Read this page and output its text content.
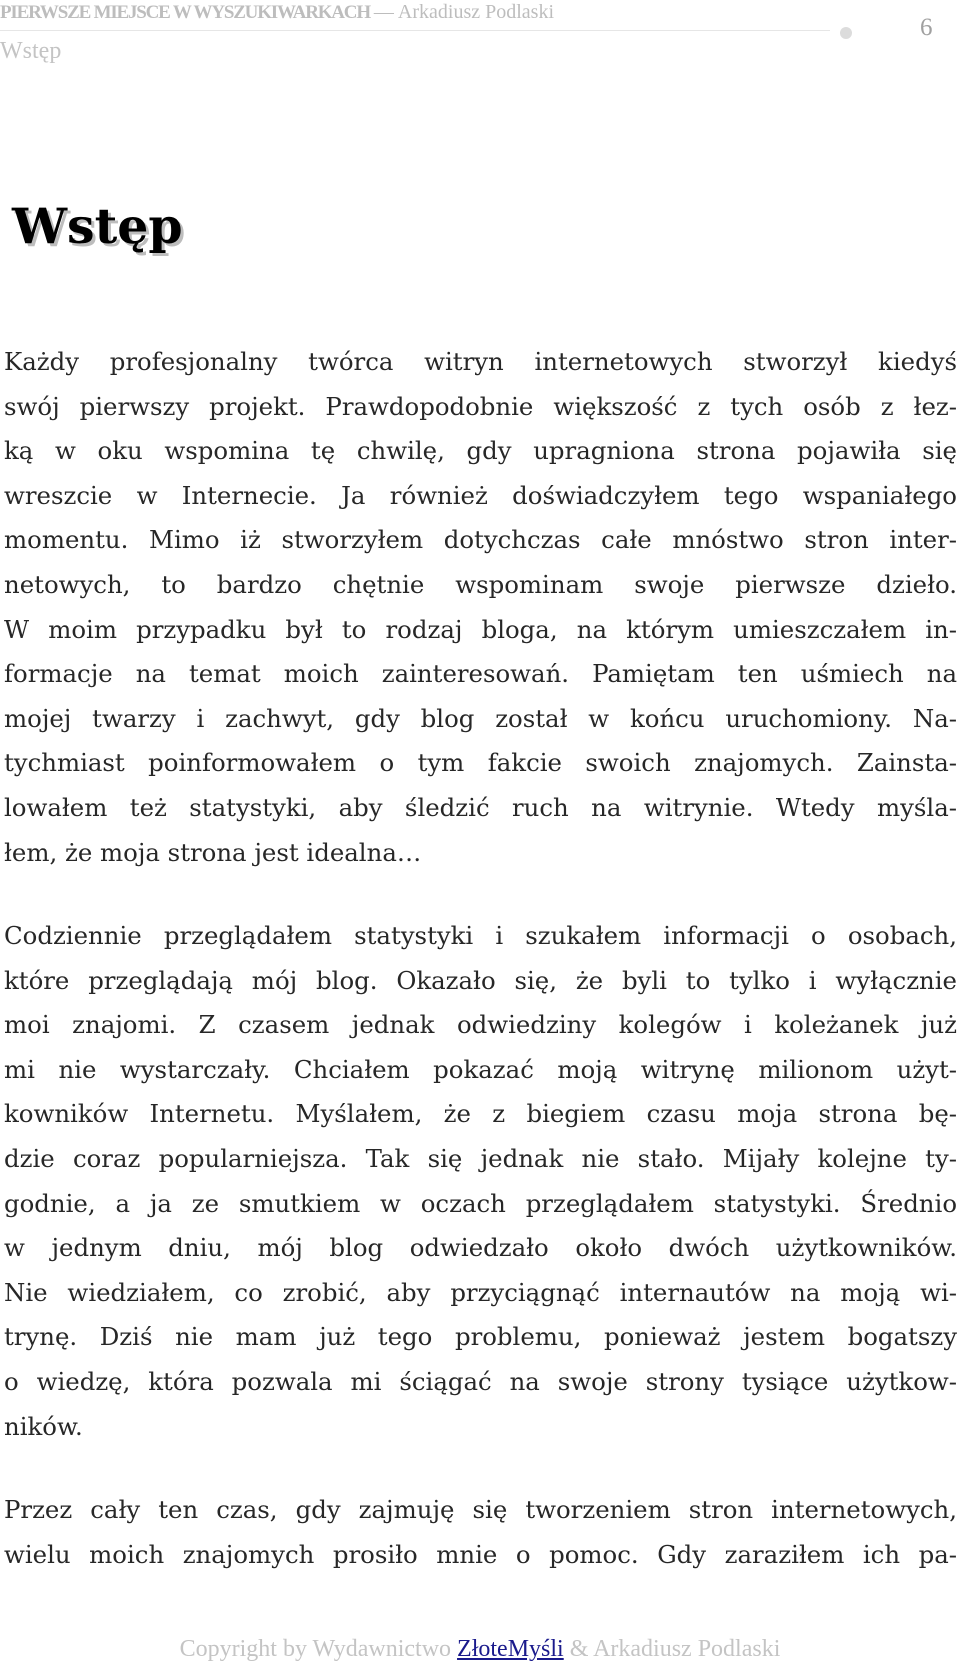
PIERWSZE MIEJSCE W WYSZUKIWARKACH — Arkadiusz Podlaski
6
Wstęp
Wstęp
Każdy profesjonalny twórca witryn internetowych stworzył kiedyś
swój pierwszy projekt. Prawdopodobnie większość z tych osób z łez-
ką w oku wspomina tę chwilę, gdy upragniona strona pojawiła się
wreszcie w Internecie. Ja również doświadczyłem tego wspaniałego
momentu. Mimo iż stworzyłem dotychczas całe mnóstwo stron inter-
netowych, to bardzo chętnie wspominam swoje pierwsze dzieło.
W moim przypadku był to rodzaj bloga, na którym umieszczałem in-
formacje na temat moich zainteresowań. Pamiętam ten uśmiech na
mojej twarzy i zachwyt, gdy blog został w końcu uruchomiony. Na-
tychmiast poinformowałem o tym fakcie swoich znajomych. Zainsta-
lowałem też statystyki, aby śledzić ruch na witrynie. Wtedy myśla-
łem, że moja strona jest idealna…
Codziennie przeglądałem statystyki i szukałem informacji o osobach,
które przeglądają mój blog. Okazało się, że byli to tylko i wyłącznie
moi znajomi. Z czasem jednak odwiedziny kolegów i koleżanek już
mi nie wystarczały. Chciałem pokazać moją witrynę milionom użyt-
kowników Internetu. Myślałem, że z biegiem czasu moja strona bę-
dzie coraz popularniejsza. Tak się jednak nie stało. Mijały kolejne ty-
godnie, a ja ze smutkiem w oczach przeglądałem statystyki. Średnio
w jednym dniu, mój blog odwiedzało około dwóch użytkowników.
Nie wiedziałem, co zrobić, aby przyciągnąć internautów na moją wi-
trynę. Dziś nie mam już tego problemu, ponieważ jestem bogatszy
o wiedzę, która pozwala mi ściągać na swoje strony tysiące użytkow-
ników.
Przez cały ten czas, gdy zajmuję się tworzeniem stron internetowych,
wielu moich znajomych prosiło mnie o pomoc. Gdy zaraziłem ich pa-
Copyright by Wydawnictwo ZłoteMyśli & Arkadiusz Podlaski
